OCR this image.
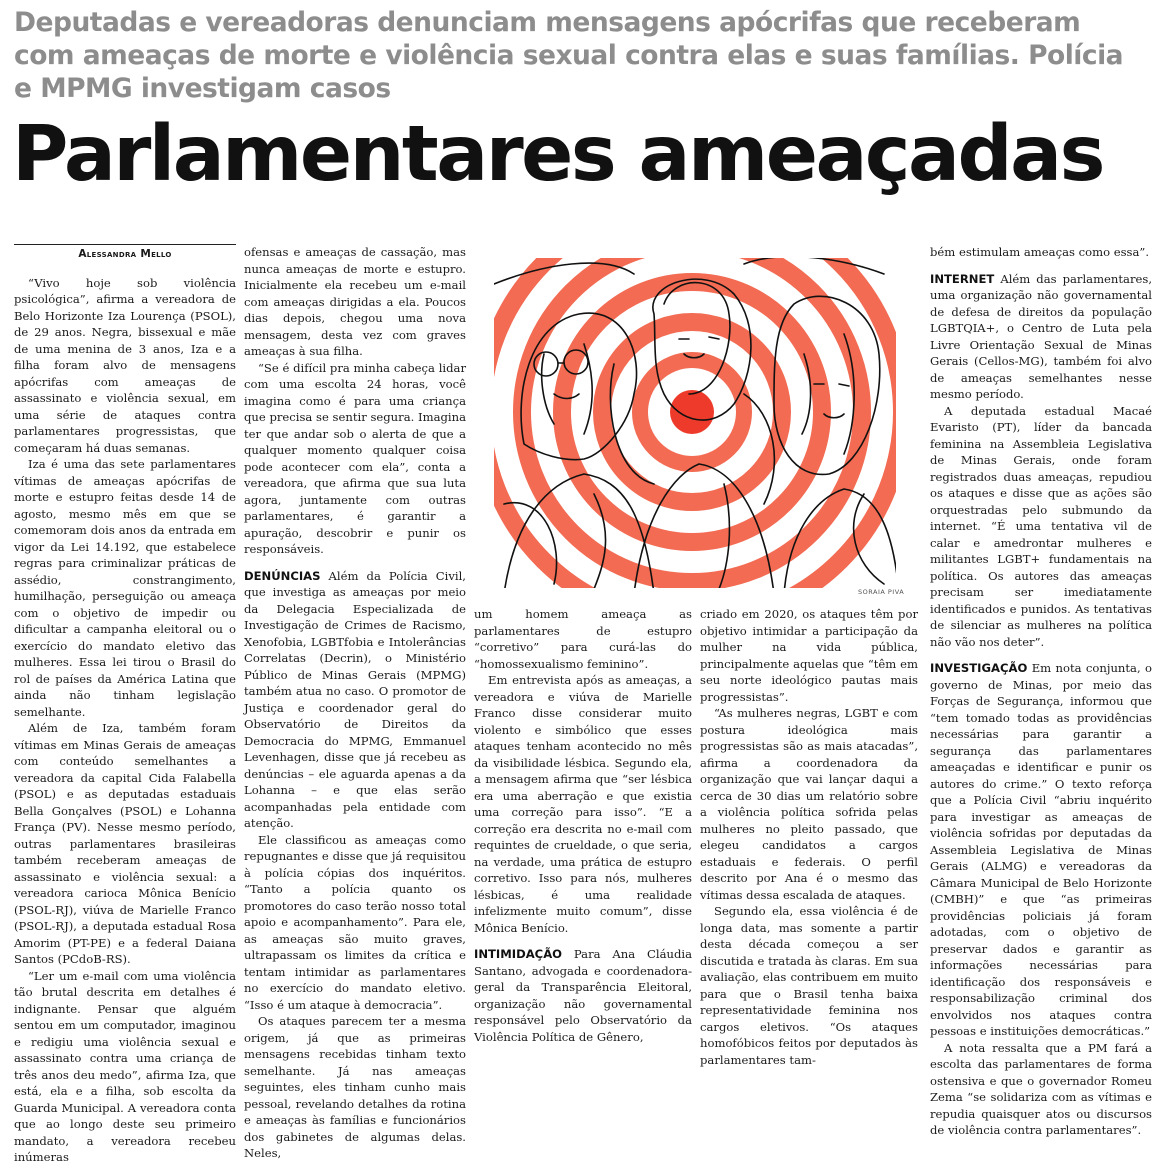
Deputadas e vereadoras denunciam mensagens apócrifas que receberam com ameaças de morte e violência sexual contra elas e suas famílias. Polícia e MPMG investigam casos
Parlamentares ameaçadas
Alessandra Mello

“Vivo hoje sob violência psicológica”, afirma a vereadora de Belo Horizonte Iza Lourença (PSOL), de 29 anos. Negra, bissexual e mãe de uma menina de 3 anos, Iza e a filha foram alvo de mensagens apócrifas com ameaças de assassinato e violência sexual, em uma série de ataques contra parlamentares progressistas, que começaram há duas semanas.

Iza é uma das sete parlamentares vítimas de ameaças apócrifas de morte e estupro feitas desde 14 de agosto, mesmo mês em que se comemoram dois anos da entrada em vigor da Lei 14.192, que estabelece regras para criminalizar práticas de assédio, constrangimento, humilhação, perseguição ou ameaça com o objetivo de impedir ou dificultar a campanha eleitoral ou o exercício do mandato eletivo das mulheres. Essa lei tirou o Brasil do rol de países da América Latina que ainda não tinham legislação semelhante.

Além de Iza, também foram vítimas em Minas Gerais de ameaças com conteúdo semelhantes a vereadora da capital Cida Falabella (PSOL) e as deputadas estaduais Bella Gonçalves (PSOL) e Lohanna França (PV). Nesse mesmo período, outras parlamentares brasileiras também receberam ameaças de assassinato e violência sexual: a vereadora carioca Mônica Benício (PSOL-RJ), viúva de Marielle Franco (PSOL-RJ), a deputada estadual Rosa Amorim (PT-PE) e a federal Daiana Santos (PCdoB-RS).

“Ler um e-mail com uma violência tão brutal descrita em detalhes é indignante. Pensar que alguém sentou em um computador, imaginou e redigiu uma violência sexual e assassinato contra uma criança de três anos deu medo”, afirma Iza, que está, ela e a filha, sob escolta da Guarda Municipal. A vereadora conta que ao longo deste seu primeiro mandato, a vereadora recebeu inúmeras

ofensas e ameaças de cassação, mas nunca ameaças de morte e estupro. Inicialmente ela recebeu um e-mail com ameaças dirigidas a ela. Poucos dias depois, chegou uma nova mensagem, desta vez com graves ameaças à sua filha.

“Se é difícil pra minha cabeça lidar com uma escolta 24 horas, você imagina como é para uma criança que precisa se sentir segura. Imagina ter que andar sob o alerta de que a qualquer momento qualquer coisa pode acontecer com ela”, conta a vereadora, que afirma que sua luta agora, juntamente com outras parlamentares, é garantir a apuração, descobrir e punir os responsáveis.

DENÚNCIAS Além da Polícia Civil, que investiga as ameaças por meio da Delegacia Especializada de Investigação de Crimes de Racismo, Xenofobia, LGBTfobia e Intolerâncias Correlatas (Decrin), o Ministério Público de Minas Gerais (MPMG) também atua no caso. O promotor de Justiça e coordenador geral do Observatório de Direitos da Democracia do MPMG, Emmanuel Levenhagen, disse que já recebeu as denúncias – ele aguarda apenas a da Lohanna – e que elas serão acompanhadas pela entidade com atenção.

Ele classificou as ameaças como repugnantes e disse que já requisitou à polícia cópias dos inquéritos. “Tanto a polícia quanto os promotores do caso terão nosso total apoio e acompanhamento”. Para ele, as ameaças são muito graves, ultrapassam os limites da crítica e tentam intimidar as parlamentares no exercício do mandato eletivo. “Isso é um ataque à democracia”.

Os ataques parecem ter a mesma origem, já que as primeiras mensagens recebidas tinham texto semelhante. Já nas ameaças seguintes, eles tinham cunho mais pessoal, revelando detalhes da rotina e ameaças às famílias e funcionários dos gabinetes de algumas delas. Neles,

SORAIA PIVA

um homem ameaça as parlamentares de estupro “corretivo” para curá-las do “homossexualismo feminino”.

Em entrevista após as ameaças, a vereadora e viúva de Marielle Franco disse considerar muito violento e simbólico que esses ataques tenham acontecido no mês da visibilidade lésbica. Segundo ela, a mensagem afirma que “ser lésbica era uma aberração e que existia uma correção para isso”. “E a correção era descrita no e-mail com requintes de crueldade, o que seria, na verdade, uma prática de estupro corretivo. Isso para nós, mulheres lésbicas, é uma realidade infelizmente muito comum”, disse Mônica Benício.

INTIMIDAÇÃO Para Ana Cláudia Santano, advogada e coordenadora-geral da Transparência Eleitoral, organização não governamental responsável pelo Observatório da Violência Política de Gênero,

criado em 2020, os ataques têm por objetivo intimidar a participação da mulher na vida pública, principalmente aquelas que “têm em seu norte ideológico pautas mais progressistas”.

“As mulheres negras, LGBT e com postura ideológica mais progressistas são as mais atacadas”, afirma a coordenadora da organização que vai lançar daqui a cerca de 30 dias um relatório sobre a violência política sofrida pelas mulheres no pleito passado, que elegeu candidatos a cargos estaduais e federais. O perfil descrito por Ana é o mesmo das vítimas dessa escalada de ataques.

Segundo ela, essa violência é de longa data, mas somente a partir desta década começou a ser discutida e tratada às claras. Em sua avaliação, elas contribuem em muito para que o Brasil tenha baixa representatividade feminina nos cargos eletivos. “Os ataques homofóbicos feitos por deputados às parlamentares tam-

bém estimulam ameaças como essa”.

INTERNET Além das parlamentares, uma organização não governamental de defesa de direitos da população LGBTQIA+, o Centro de Luta pela Livre Orientação Sexual de Minas Gerais (Cellos-MG), também foi alvo de ameaças semelhantes nesse mesmo período.

A deputada estadual Macaé Evaristo (PT), líder da bancada feminina na Assembleia Legislativa de Minas Gerais, onde foram registrados duas ameaças, repudiou os ataques e disse que as ações são orquestradas pelo submundo da internet. “É uma tentativa vil de calar e amedrontar mulheres e militantes LGBT+ fundamentais na política. Os autores das ameaças precisam ser imediatamente identificados e punidos. As tentativas de silenciar as mulheres na política não vão nos deter”.

INVESTIGAÇÃO Em nota conjunta, o governo de Minas, por meio das Forças de Segurança, informou que “tem tomado todas as providências necessárias para garantir a segurança das parlamentares ameaçadas e identificar e punir os autores do crime.” O texto reforça que a Polícia Civil “abriu inquérito para investigar as ameaças de violência sofridas por deputadas da Assembleia Legislativa de Minas Gerais (ALMG) e vereadoras da Câmara Municipal de Belo Horizonte (CMBH)” e que “as primeiras providências policiais já foram adotadas, com o objetivo de preservar dados e garantir as informações necessárias para identificação dos responsáveis e responsabilização criminal dos envolvidos nos ataques contra pessoas e instituições democráticas.”

A nota ressalta que a PM fará a escolta das parlamentares de forma ostensiva e que o governador Romeu Zema “se solidariza com as vítimas e repudia quaisquer atos ou discursos de violência contra parlamentares”.
